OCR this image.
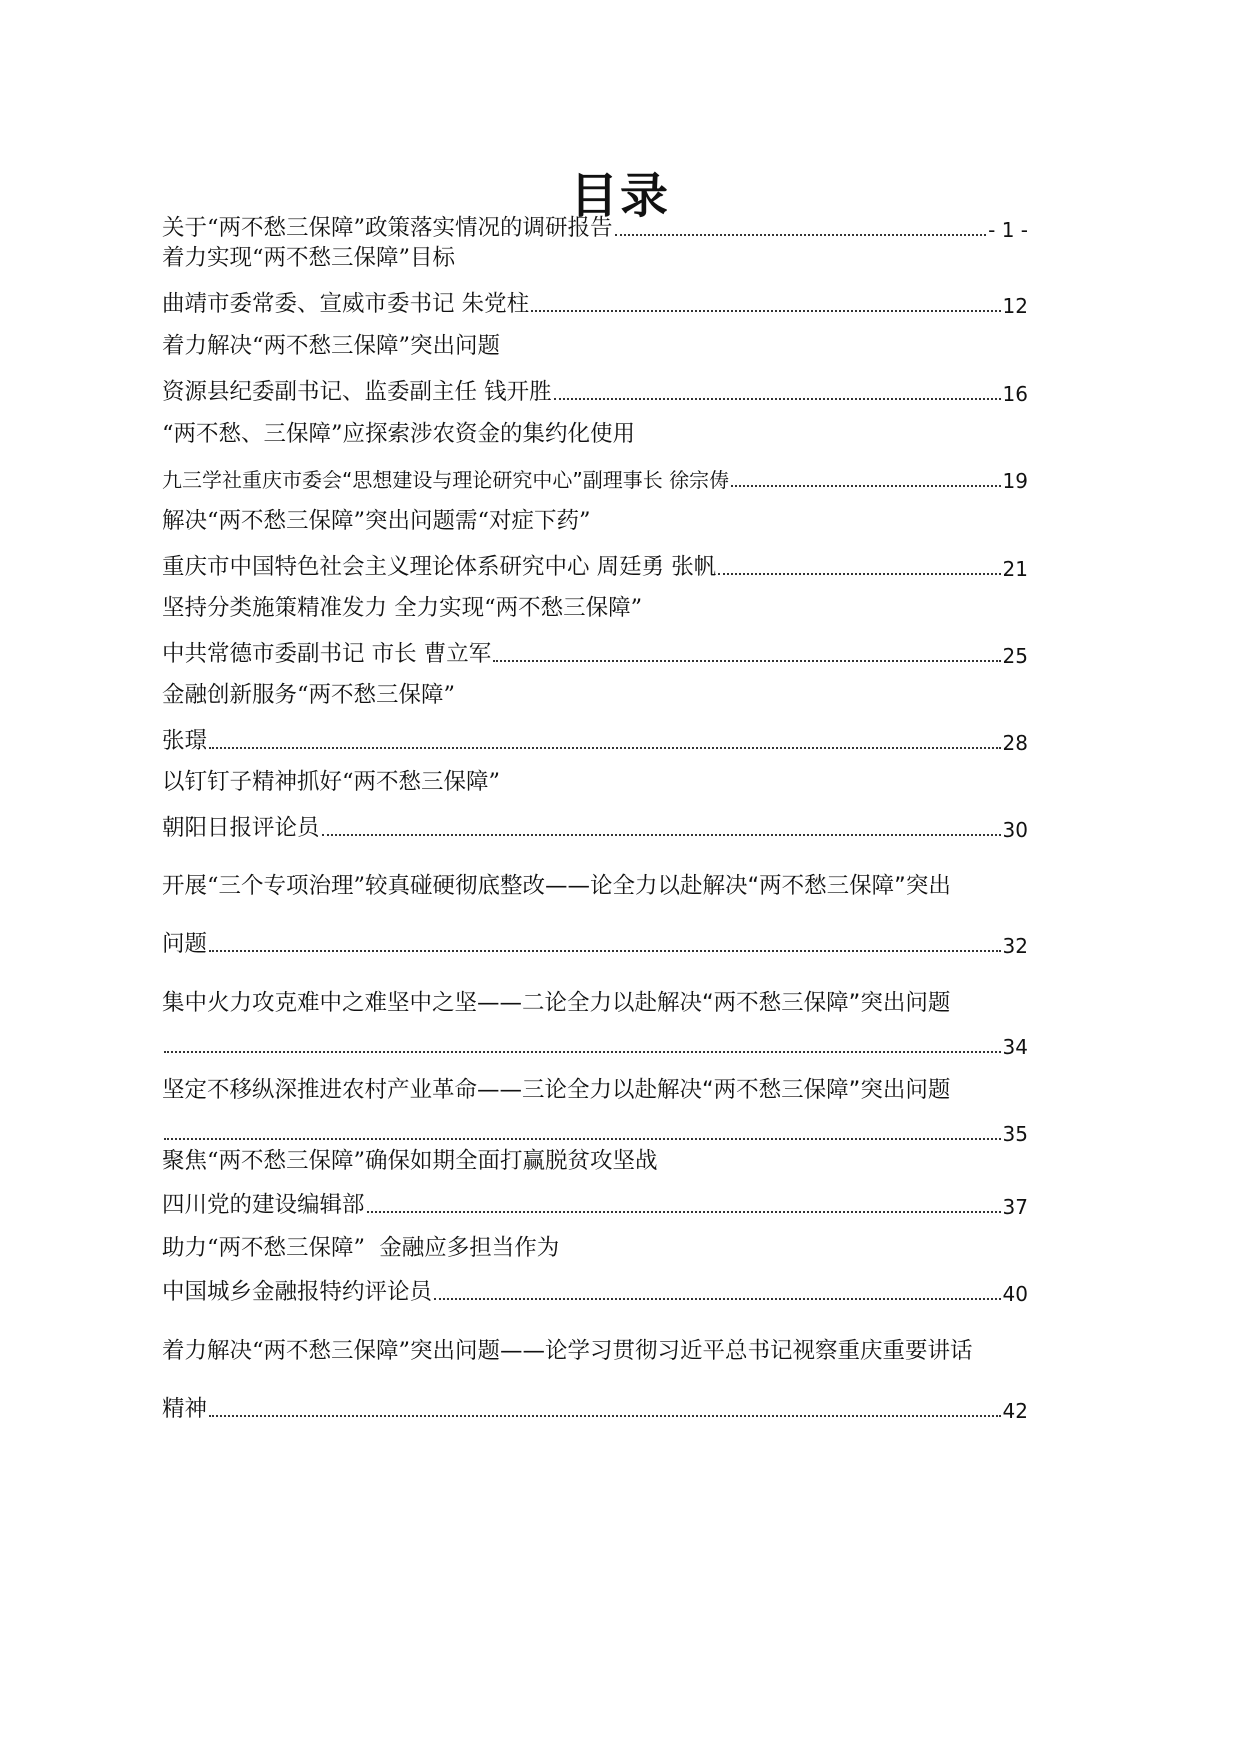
目录
关于“两不愁三保障”政策落实情况的调研报告	- 1 -
着力实现“两不愁三保障”目标
曲靖市委常委、宣威市委书记 朱党柱	12
着力解决“两不愁三保障”突出问题
资源县纪委副书记、监委副主任 钱开胜	16
“两不愁、三保障”应探索涉农资金的集约化使用
九三学社重庆市委会“思想建设与理论研究中心”副理事长 徐宗俦	19
解决“两不愁三保障”突出问题需“对症下药”
重庆市中国特色社会主义理论体系研究中心 周廷勇 张帆	21
坚持分类施策精准发力 全力实现“两不愁三保障”
中共常德市委副书记 市长 曹立军	25
金融创新服务“两不愁三保障”
张璟	28
以钉钉子精神抓好“两不愁三保障”
朝阳日报评论员	30
开展“三个专项治理”较真碰硬彻底整改 ——论全力以赴解决“两不愁三保障”突出
问题	32
集中火力攻克难中之难坚中之坚 ——二论全力以赴解决“两不愁三保障”突出问题
34
坚定不移纵深推进农村产业革命 ——三论全力以赴解决“两不愁三保障”突出问题
35
聚焦“两不愁三保障”确保如期全面打赢脱贫攻坚战
四川党的建设编辑部	37
助力“两不愁三保障”  金融应多担当作为
中国城乡金融报特约评论员	40
着力解决“两不愁三保障”突出问题 ——论学习贯彻习近平总书记视察重庆重要讲话
精神	42
